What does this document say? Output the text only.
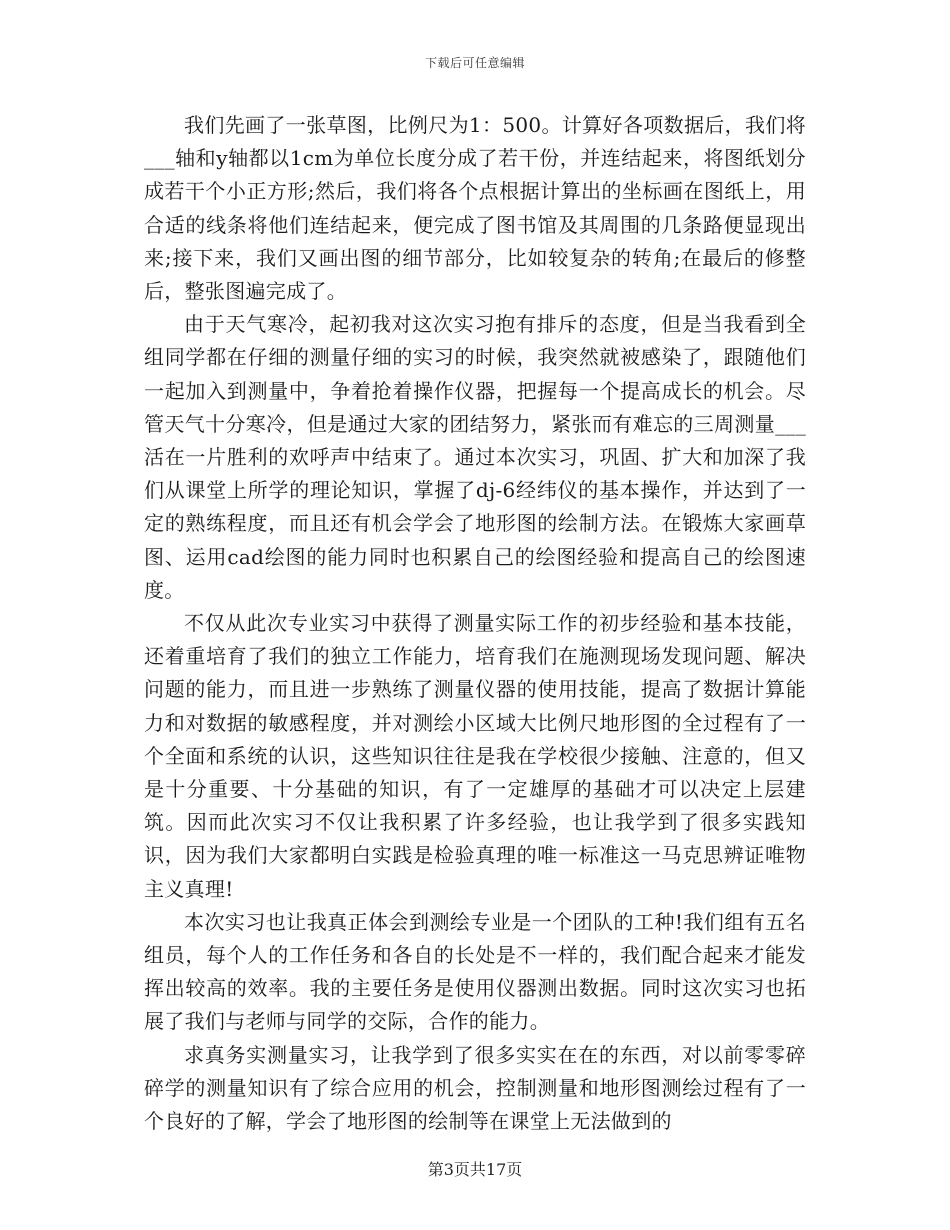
下载后可任意编辑

我们先画了一张草图，比例尺为1：500。计算好各项数据后，我们将___轴和y轴都以1cm为单位长度分成了若干份，并连结起来，将图纸划分成若干个小正方形;然后，我们将各个点根据计算出的坐标画在图纸上，用合适的线条将他们连结起来，便完成了图书馆及其周围的几条路便显现出来;接下来，我们又画出图的细节部分，比如较复杂的转角;在最后的修整后，整张图遍完成了。

由于天气寒冷，起初我对这次实习抱有排斥的态度，但是当我看到全组同学都在仔细的测量仔细的实习的时候，我突然就被感染了，跟随他们一起加入到测量中，争着抢着操作仪器，把握每一个提高成长的机会。尽管天气十分寒冷，但是通过大家的团结努力，紧张而有难忘的三周测量___活在一片胜利的欢呼声中结束了。通过本次实习，巩固、扩大和加深了我们从课堂上所学的理论知识，掌握了dj-6经纬仪的基本操作，并达到了一定的熟练程度，而且还有机会学会了地形图的绘制方法。在锻炼大家画草图、运用cad绘图的能力同时也积累自己的绘图经验和提高自己的绘图速度。

不仅从此次专业实习中获得了测量实际工作的初步经验和基本技能，还着重培育了我们的独立工作能力，培育我们在施测现场发现问题、解决问题的能力，而且进一步熟练了测量仪器的使用技能，提高了数据计算能力和对数据的敏感程度，并对测绘小区域大比例尺地形图的全过程有了一个全面和系统的认识，这些知识往往是我在学校很少接触、注意的，但又是十分重要、十分基础的知识，有了一定雄厚的基础才可以决定上层建筑。因而此次实习不仅让我积累了许多经验，也让我学到了很多实践知识，因为我们大家都明白实践是检验真理的唯一标准这一马克思辨证唯物主义真理!

本次实习也让我真正体会到测绘专业是一个团队的工种!我们组有五名组员，每个人的工作任务和各自的长处是不一样的，我们配合起来才能发挥出较高的效率。我的主要任务是使用仪器测出数据。同时这次实习也拓展了我们与老师与同学的交际，合作的能力。

求真务实测量实习，让我学到了很多实实在在的东西，对以前零零碎碎学的测量知识有了综合应用的机会，控制测量和地形图测绘过程有了一个良好的了解，学会了地形图的绘制等在课堂上无法做到的

第3页共17页
